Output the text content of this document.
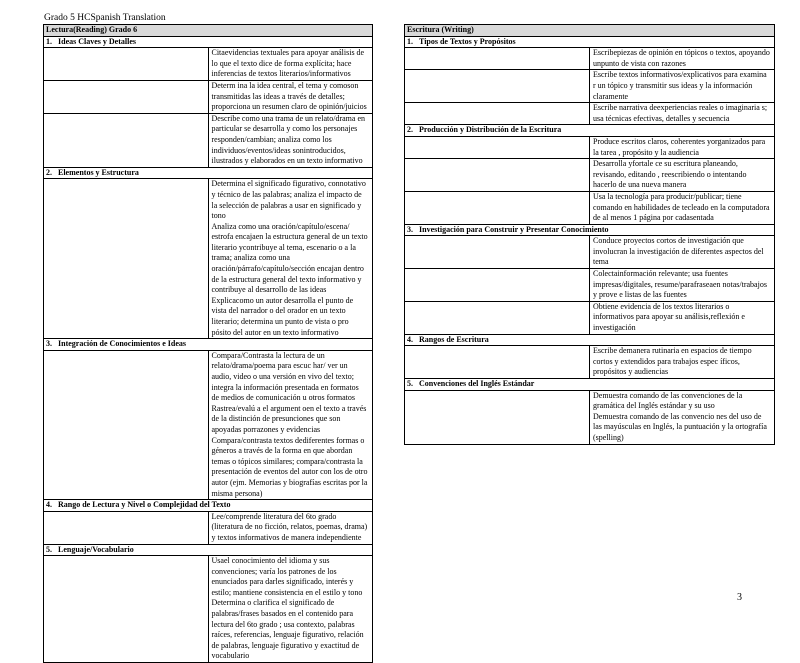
Grado 5 HCSpanish Translation
Lectura(Reading) Grado 6	
1. Ideas Claves y Detalles	

	Citaevidencias textuales para apoyar análisis de lo que el texto dice de forma explícita; hace inferencias de textos literarios/informativos

	Determ ina la idea central, el tema y comoson transmitidas las ideas a través de detalles; proporciona un resumen claro de opinión/juicios

	Describe como una trama de un relato/drama en particular se desarrolla y como los personajes responden/cambian; analiza como los individuos/eventos/ideas sonintroducidos, ilustrados y elaborados en un texto informativo

2. Elementos y Estructura	

	Determina el significado figurativo, connotativo y técnico de las palabras; analiza el impacto de la selección de palabras a usar en significado y tono
Analiza como una oración/capítulo/escena/ estrofa encajaen la estructura general de un texto literario ycontribuye al tema, escenario o a la trama; analiza como una oración/párrafo/capítulo/sección encajan dentro de la estructura general del texto informativo y contribuye al desarrollo de las ideas
Explicacomo un autor desarrolla el punto de vista del narrador o del orador en un texto literario; determina un punto de vista o pro pósito del autor en un texto informativo

3. Integración de Conocimientos e Ideas	

	Compara/Contrasta la lectura de un relato/drama/poema para escuc har/ ver un audio, video o una versión en vivo del texto; integra la información presentada en formatos de medios de comunicación u otros formatos
Rastrea/evalú a el argument oen el texto a través de la distinción de presunciones que son apoyadas porrazones y evidencias
Compara/contrasta textos dediferentes formas o géneros a través de la forma en que abordan temas o tópicos similares; compara/contrasta la presentación de eventos del autor con los de otro autor (ejm. Memorias y biografías escritas por la misma persona)

4. Rango de Lectura y Nivel o Complejidad del Texto	

	Lee/comprende literatura del 6to grado (literatura de no ficción, relatos, poemas, drama) y textos informativos de manera independiente

5. Lenguaje/Vocabulario	

	Usael conocimiento del idioma y sus convenciones; varía los patrones de los enunciados para darles significado, interés y estilo; mantiene consistencia en el estilo y tono
Determina o clarifica el significado de palabras/frases basados en el contenido para lectura del 6to grado ; usa contexto, palabras raíces, referencias, lenguaje figurativo, relación de palabras, lenguaje figurativo y exactitud de vocabulario
Escritura (Writing)	
1. Tipos de Textos y Propósitos	

	Escribepiezas de opinión en tópicos o textos, apoyando unpunto de vista con razones

	Escribe textos informativos/explicativos para examina r un tópico y transmitir sus ideas y la información claramente

	Escribe narrativa deexperiencias reales o imaginaria s; usa técnicas efectivas, detalles y secuencia

2. Producción y Distribución de la Escritura	

	Produce escritos claros, coherentes yorganizados para la tarea , propósito y la audiencia

	Desarrolla yfortale ce su escritura planeando, revisando, editando , reescribiendo o intentando hacerlo de una nueva manera

	Usa la tecnología para producir/publicar; tiene comando en habilidades de tecleado en la computadora de al menos 1 página por cadasentada

3. Investigación para Construir y Presentar Conocimiento	

	Conduce proyectos cortos de investigación que involucran la investigación de diferentes aspectos del tema

	Colectainformación relevante; usa fuentes impresas/digitales, resume/parafraseaen notas/trabajos y prove e listas de las fuentes

	Obtiene evidencia de los textos literarios o informativos para apoyar su análisis,reflexión e investigación

4. Rangos de Escritura	

	Escribe demanera rutinaria en espacios de tiempo cortos y extendidos para trabajos espec íficos, propósitos y audiencias

5. Convenciones del Inglés Estándar	

	Demuestra comando de las convenciones de la gramática del Inglés estándar y su uso
Demuestra comando de las convencio nes del uso de las mayúsculas en Inglés, la puntuación y la ortografía (spelling)
3
